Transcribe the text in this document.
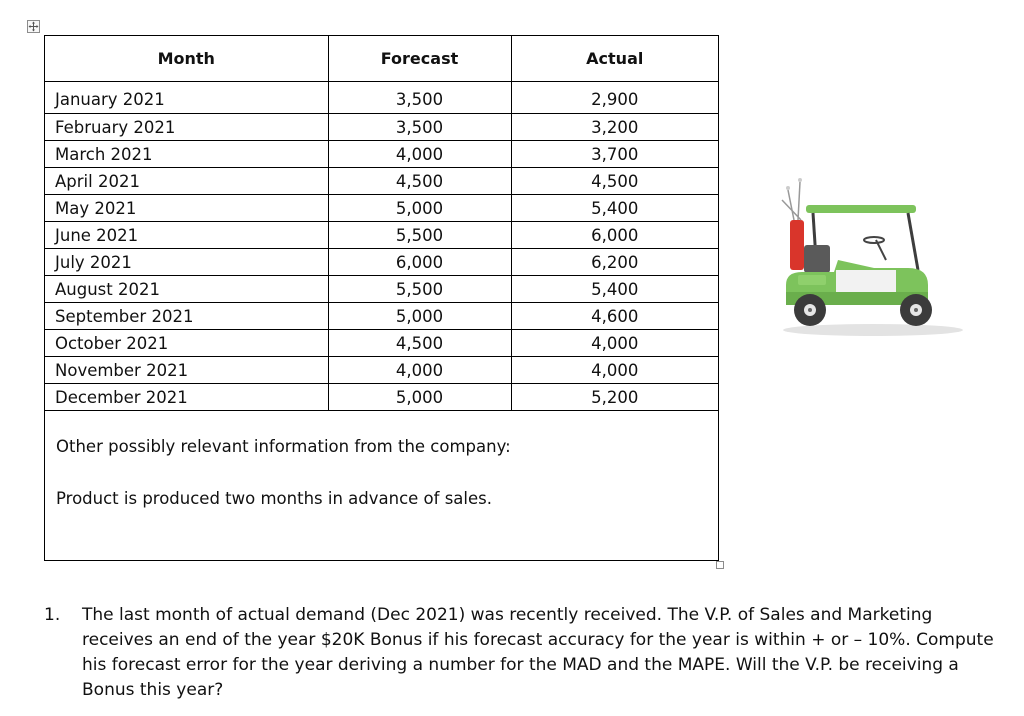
Month	Forecast	Actual
January 2021	3,500	2,900
February 2021	3,500	3,200
March 2021	4,000	3,700
April 2021	4,500	4,500
May 2021	5,000	5,400
June 2021	5,500	6,000
July 2021	6,000	6,200
August 2021	5,500	5,400
September 2021	5,000	4,600
October 2021	4,500	4,000
November 2021	4,000	4,000
December 2021	5,000	5,200

Other possibly relevant information from the company:

Product is produced two months in advance of sales.

1. The last month of actual demand (Dec 2021) was recently received. The V.P. of Sales and Marketing receives an end of the year $20K Bonus if his forecast accuracy for the year is within + or – 10%. Compute his forecast error for the year deriving a number for the MAD and the MAPE. Will the V.P. be receiving a Bonus this year?
